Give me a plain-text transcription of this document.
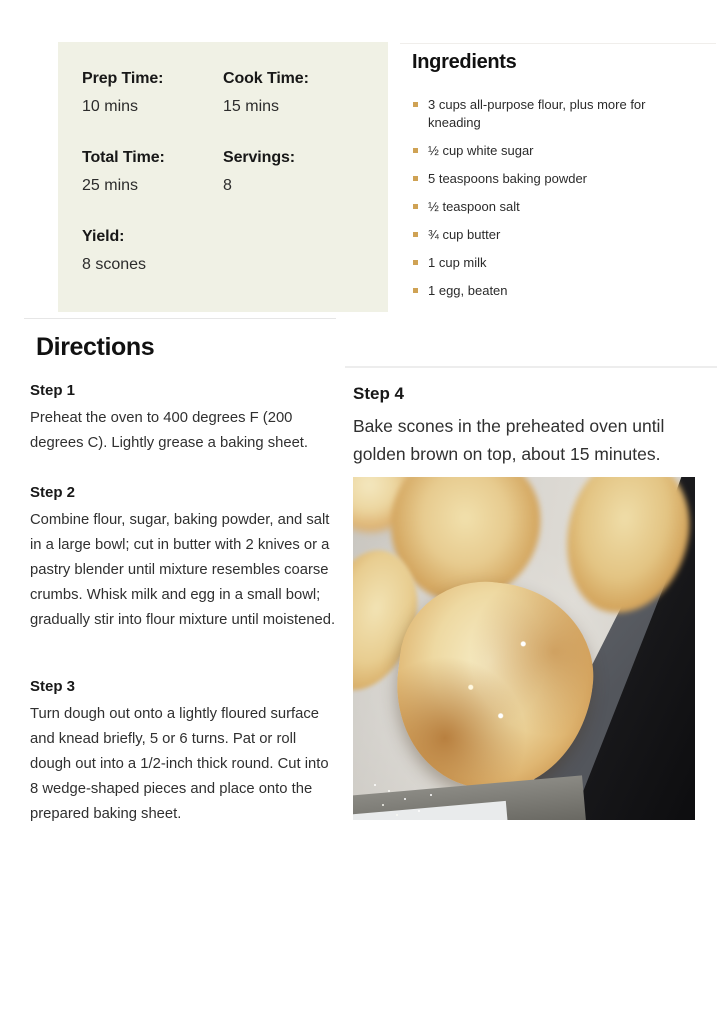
Prep Time:
10 mins
Cook Time:
15 mins
Total Time:
25 mins
Servings:
8
Yield:
8 scones
Ingredients
3 cups all-purpose flour, plus more for kneading
½ cup white sugar
5 teaspoons baking powder
½ teaspoon salt
¾ cup butter
1 cup milk
1 egg, beaten
Directions
Step 1
Preheat the oven to 400 degrees F (200 degrees C). Lightly grease a baking sheet.
Step 2
Combine flour, sugar, baking powder, and salt in a large bowl; cut in butter with 2 knives or a pastry blender until mixture resembles coarse crumbs. Whisk milk and egg in a small bowl; gradually stir into flour mixture until moistened.
Step 3
Turn dough out onto a lightly floured surface and knead briefly, 5 or 6 turns. Pat or roll dough out into a 1/2-inch thick round. Cut into 8 wedge-shaped pieces and place onto the prepared baking sheet.
Step 4
Bake scones in the preheated oven until golden brown on top, about 15 minutes.
